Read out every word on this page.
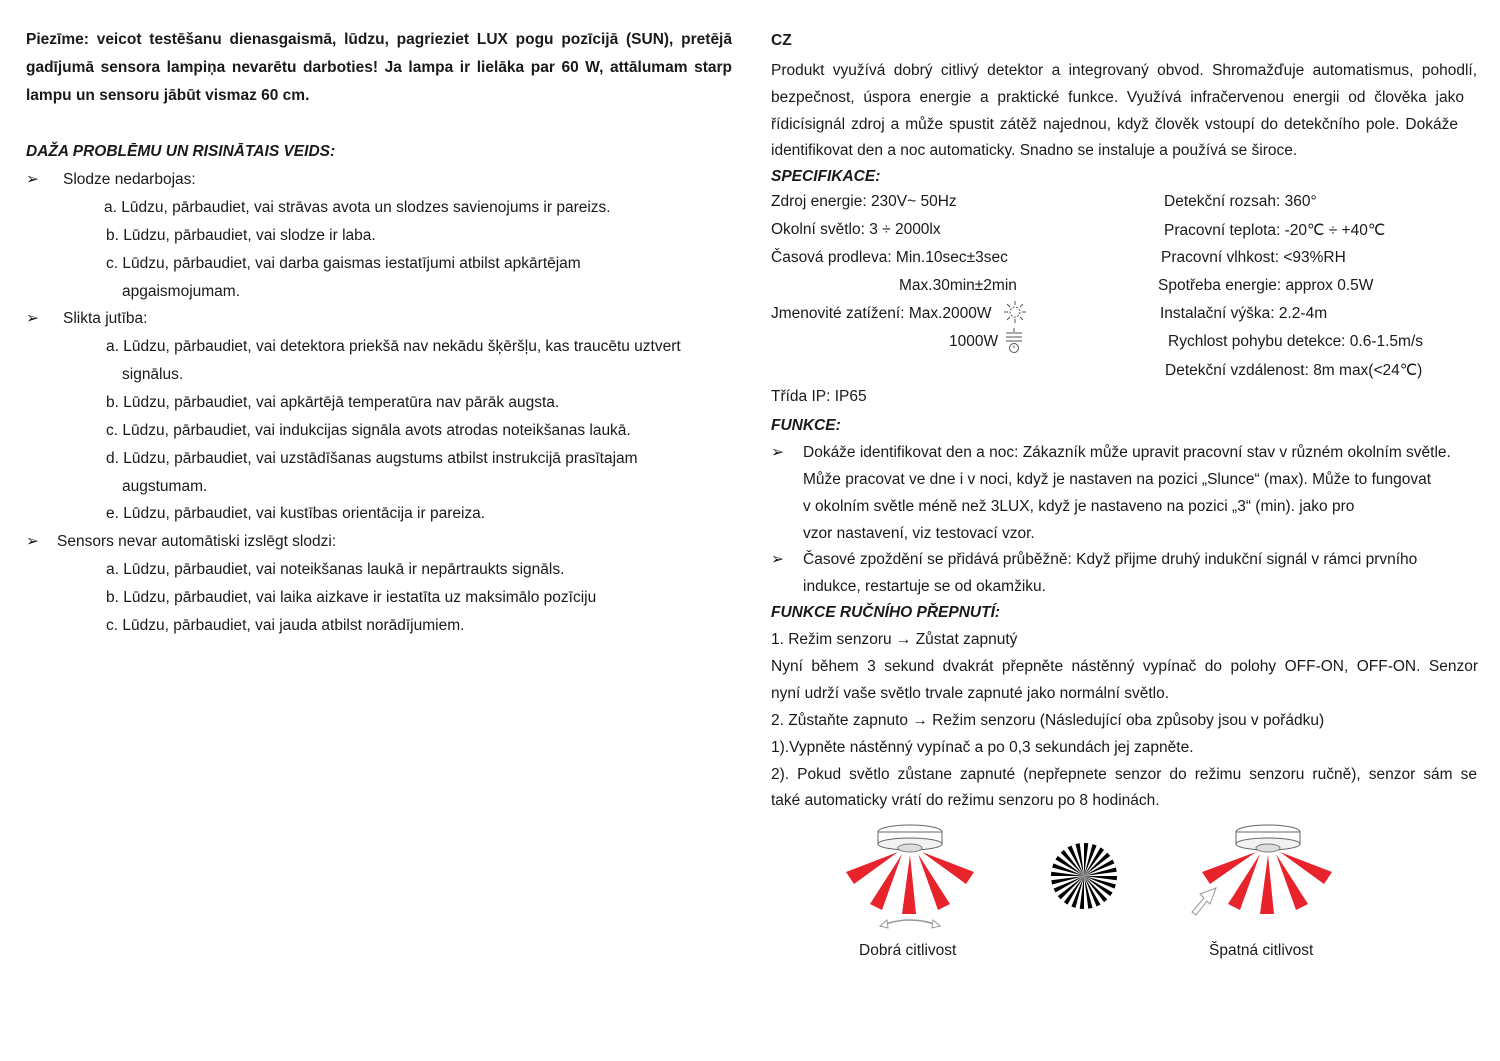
Piezīme: veicot testēšanu dienasgaismā, lūdzu, pagrieziet LUX pogu pozīcijā (SUN), pretējā
gadījumā sensora lampiņa nevarētu darboties! Ja lampa ir lielāka par 60 W, attālumam starp
lampu un sensoru jābūt vismaz 60 cm.
DAŽA PROBLĒMU UN RISINĀTAIS VEIDS:
➢ Slodze nedarbojas:
a. Lūdzu, pārbaudiet, vai strāvas avota un slodzes savienojums ir pareizs.
b. Lūdzu, pārbaudiet, vai slodze ir laba.
c. Lūdzu, pārbaudiet, vai darba gaismas iestatījumi atbilst apkārtējam
apgaismojumam.
➢ Slikta jutība:
a. Lūdzu, pārbaudiet, vai detektora priekšā nav nekādu šķēršļu, kas traucētu uztvert
signālus.
b. Lūdzu, pārbaudiet, vai apkārtējā temperatūra nav pārāk augsta.
c. Lūdzu, pārbaudiet, vai indukcijas signāla avots atrodas noteikšanas laukā.
d. Lūdzu, pārbaudiet, vai uzstādīšanas augstums atbilst instrukcijā prasītajam
augstumam.
e. Lūdzu, pārbaudiet, vai kustības orientācija ir pareiza.
➢ Sensors nevar automātiski izslēgt slodzi:
a. Lūdzu, pārbaudiet, vai noteikšanas laukā ir nepārtraukts signāls.
b. Lūdzu, pārbaudiet, vai laika aizkave ir iestatīta uz maksimālo pozīciju
c. Lūdzu, pārbaudiet, vai jauda atbilst norādījumiem.
CZ
Produkt využívá dobrý citlivý detektor a integrovaný obvod. Shromažďuje automatismus, pohodlí,
bezpečnost, úspora energie a praktické funkce. Využívá infračervenou energii od člověka jako
řídicísignál zdroj a může spustit zátěž najednou, když člověk vstoupí do detekčního pole. Dokáže
identifikovat den a noc automaticky. Snadno se instaluje a používá se široce.
SPECIFIKACE:
Zdroj energie: 230V~ 50Hz
Okolní světlo: 3 ÷ 2000lx
Časová prodleva: Min.10sec±3sec
Max.30min±2min
Jmenovité zatížení: Max.2000W
1000W
Detekční rozsah: 360°
Pracovní teplota: -20℃ ÷ +40℃
Pracovní vlhkost: <93%RH
Spotřeba energie: approx 0.5W
Instalační výška: 2.2-4m
Rychlost pohybu detekce: 0.6-1.5m/s
Detekční vzdálenost: 8m max(<24℃)
Třída IP: IP65
FUNKCE:
➢ Dokáže identifikovat den a noc: Zákazník může upravit pracovní stav v různém okolním světle.
Může pracovat ve dne i v noci, když je nastaven na pozici „Slunce“ (max). Může to fungovat
v okolním světle méně než 3LUX, když je nastaveno na pozici „3“ (min). jako pro
vzor nastavení, viz testovací vzor.
➢ Časové zpoždění se přidává průběžně: Když přijme druhý indukční signál v rámci prvního
indukce, restartuje se od okamžiku.
FUNKCE RUČNÍHO PŘEPNUTÍ:
1. Režim senzoru → Zůstat zapnutý
Nyní během 3 sekund dvakrát přepněte nástěnný vypínač do polohy OFF-ON, OFF-ON. Senzor
nyní udrží vaše světlo trvale zapnuté jako normální světlo.
2. Zůstaňte zapnuto → Režim senzoru (Následující oba způsoby jsou v pořádku)
1).Vypněte nástěnný vypínač a po 0,3 sekundách jej zapněte.
2). Pokud světlo zůstane zapnuté (nepřepnete senzor do režimu senzoru ručně), senzor sám se
také automaticky vrátí do režimu senzoru po 8 hodinách.
Dobrá citlivost	Špatná citlivost
